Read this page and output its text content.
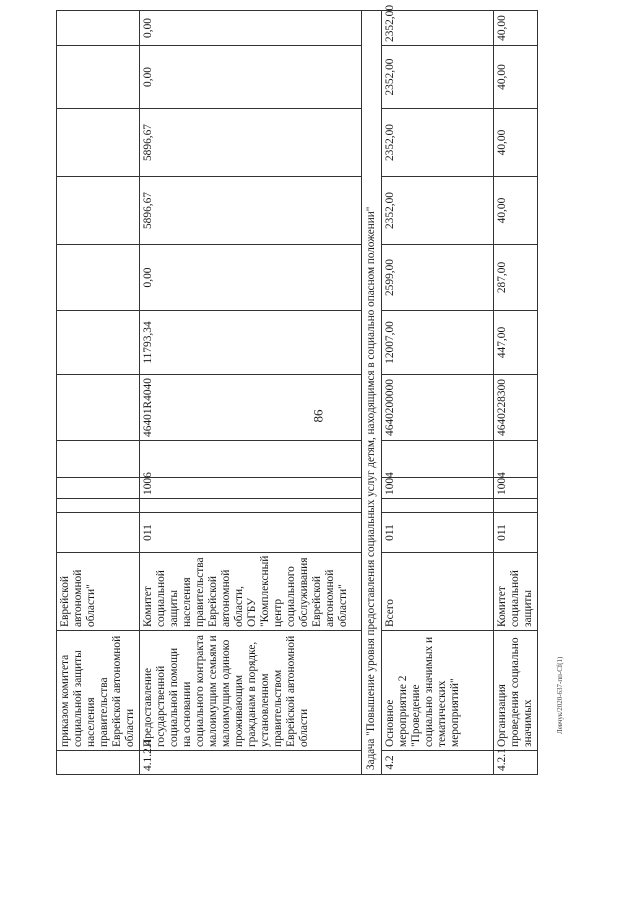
86
Левчук/2020-637-пп-Cf(1)
	приказом комитета социальной защиты населения правительства Еврейской автономной области	Еврейской автономной области"											
4.1.2.4	Предоставление государственной социальной помощи на основании социального контракта малоимущим семьям и малоимущим одиноко проживающим гражданам в порядке, установленном правительством Еврейской автономной области	Комитет социальной защиты населения правительства Еврейской автономной области, ОГБУ "Комплексный центр социального обслуживания Еврейской автономной области"	011		1006		46401R4040	11793,34	0,00	5896,67	5896,67	0,00	0,00
Задача "Повышение уровня предоставления социальных услуг детям, находящимся в социально опасном положении"													
4.2	Основное мероприятие 2 "Проведение социально значимых и тематических мероприятий"	Всего	011		1004		4640200000	12007,00	2599,00	2352,00	2352,00	2352,00	2352,00
4.2.1	Организация проведения социально значимых	Комитет социальной защиты	011		1004		4640228300	447,00	287,00	40,00	40,00	40,00	40,00
